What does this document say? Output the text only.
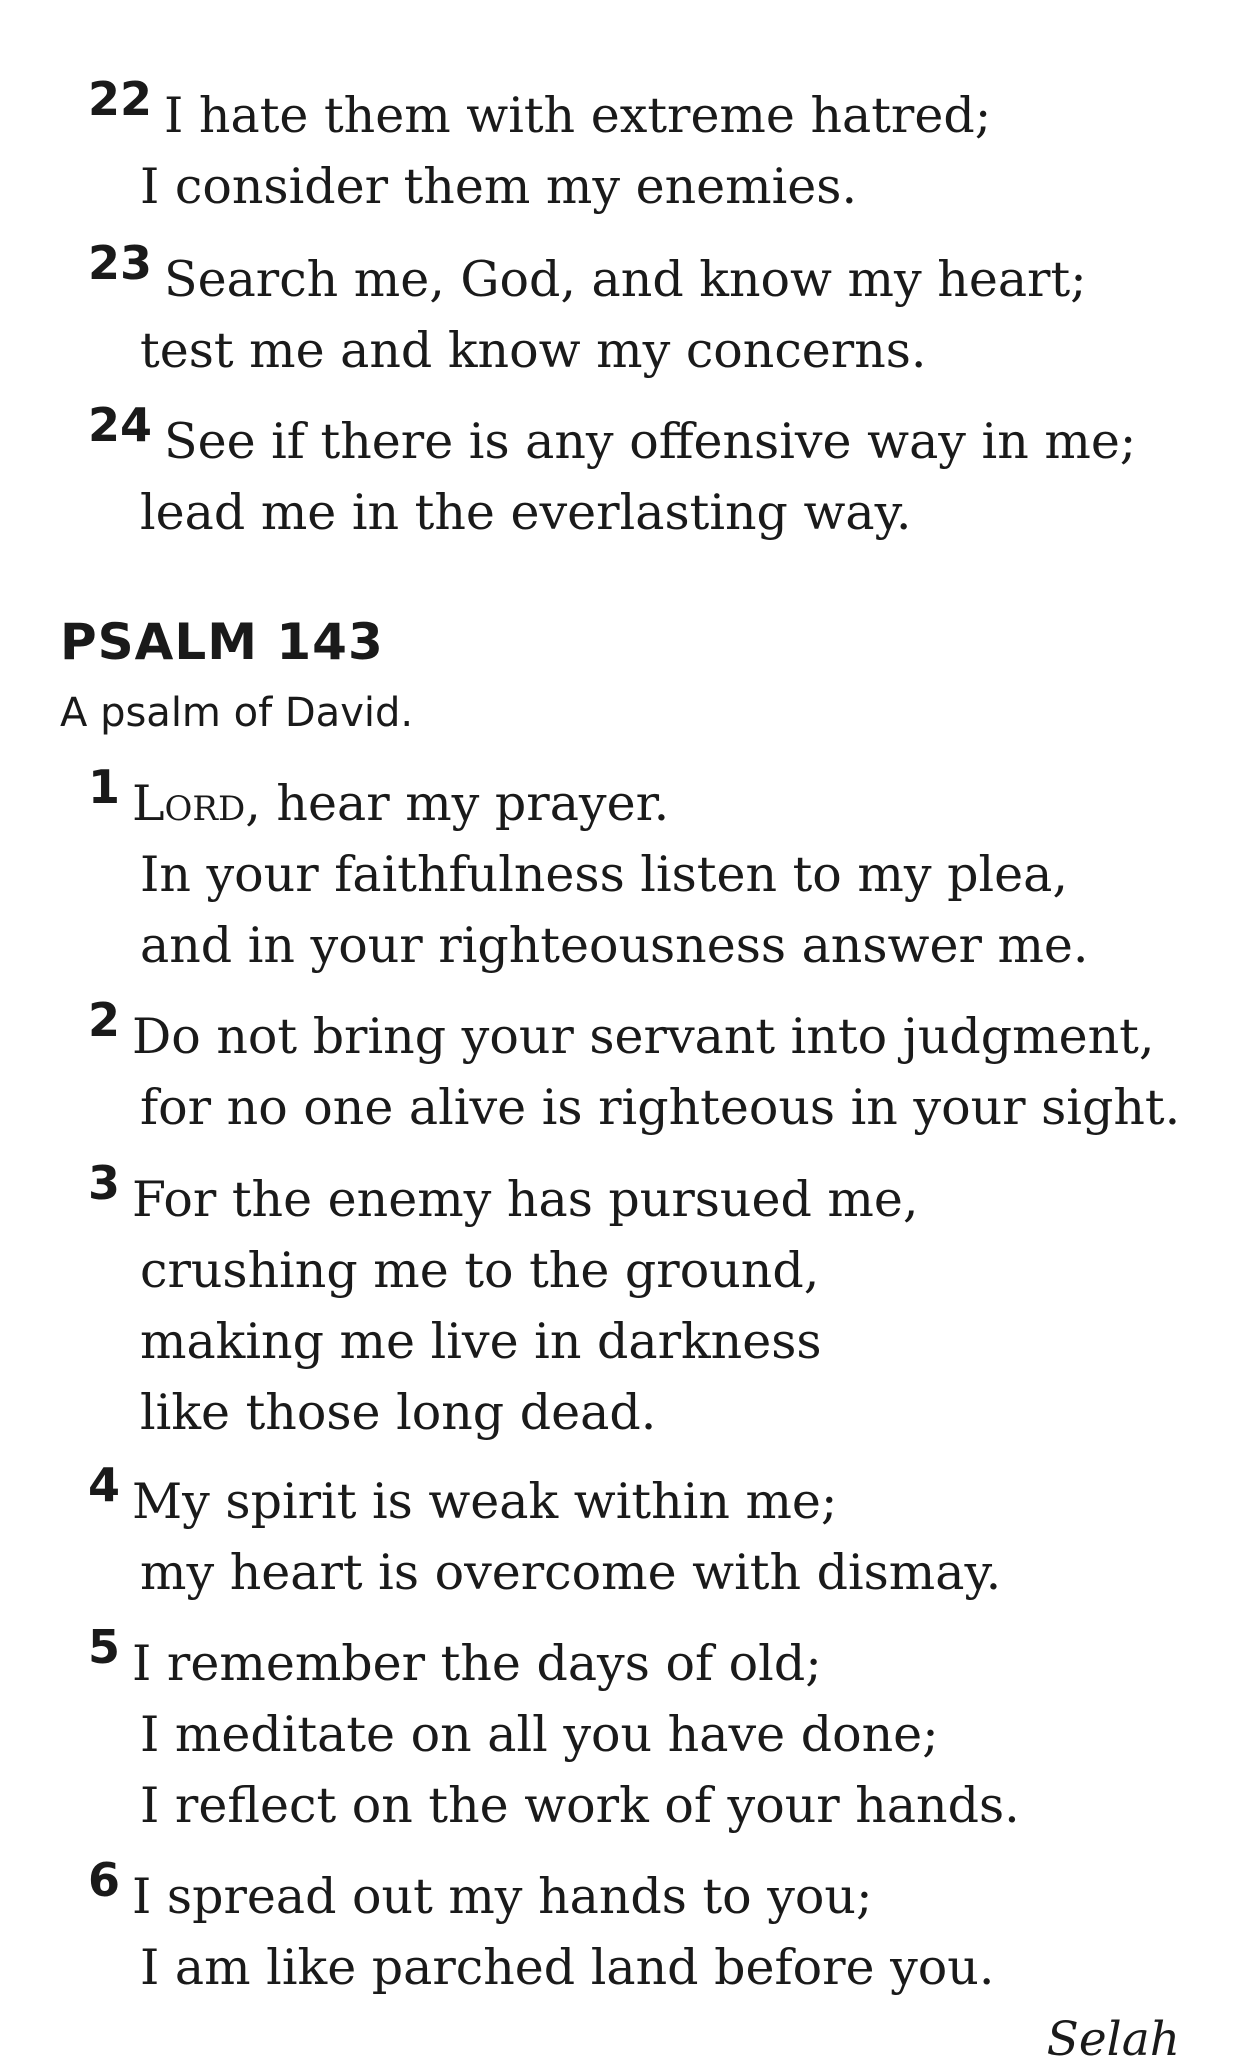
22 I hate them with extreme hatred;
I consider them my enemies.
23 Search me, God, and know my heart;
test me and know my concerns.
24 See if there is any offensive way in me;
lead me in the everlasting way.
PSALM 143
A psalm of David.
1 Lord, hear my prayer.
In your faithfulness listen to my plea,
and in your righteousness answer me.
2 Do not bring your servant into judgment,
for no one alive is righteous in your sight.
3 For the enemy has pursued me,
crushing me to the ground,
making me live in darkness
like those long dead.
4 My spirit is weak within me;
my heart is overcome with dismay.
5 I remember the days of old;
I meditate on all you have done;
I reflect on the work of your hands.
6 I spread out my hands to you;
I am like parched land before you.
Selah
